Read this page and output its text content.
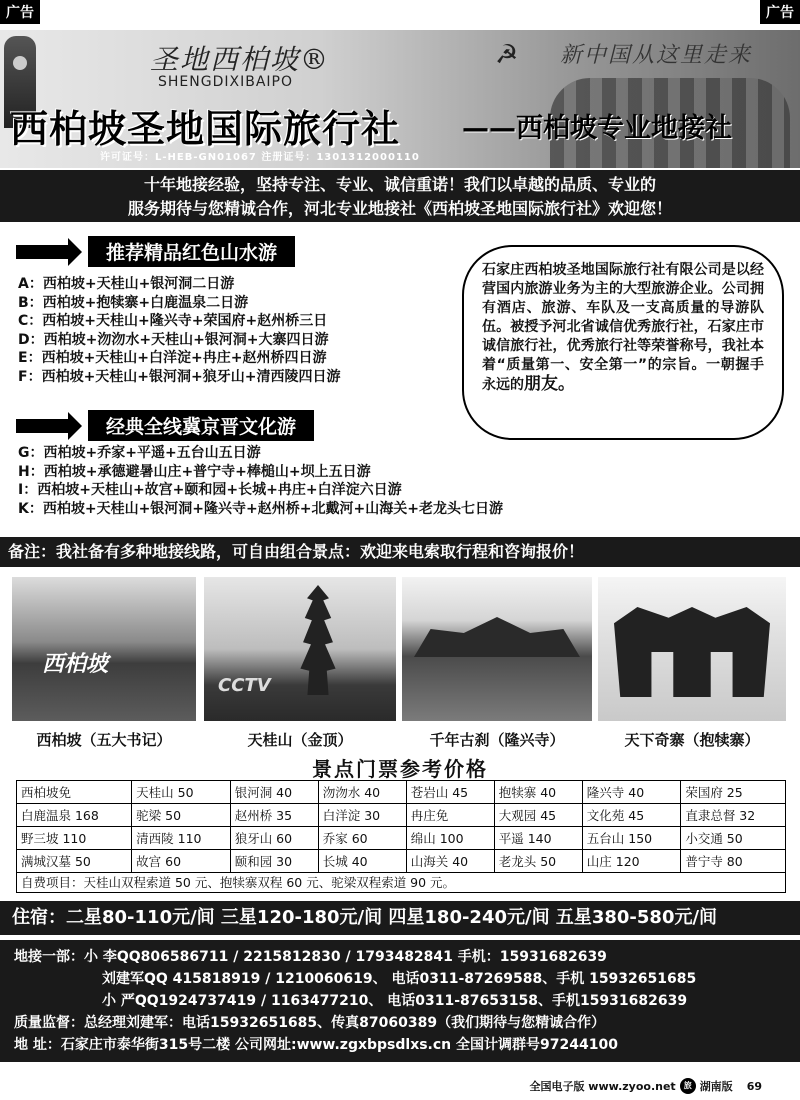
广告	广告
圣地西柏坡®
SHENGDIXIBAIPO
☭ 新中国从这里走来
西柏坡圣地国际旅行社 ——西柏坡专业地接社
许可证号：L-HEB-GN01067 注册证号：1301312000110
十年地接经验，坚持专注、专业、诚信重诺！我们以卓越的品质、专业的
服务期待与您精诚合作，河北专业地接社《西柏坡圣地国际旅行社》欢迎您！
推荐精品红色山水游
A：西柏坡+天桂山+银河洞二日游
B：西柏坡+抱犊寨+白鹿温泉二日游
C：西柏坡+天桂山+隆兴寺+荣国府+赵州桥三日
D：西柏坡+沕沕水+天桂山+银河洞+大寨四日游
E：西柏坡+天桂山+白洋淀+冉庄+赵州桥四日游
F：西柏坡+天桂山+银河洞+狼牙山+清西陵四日游
石家庄西柏坡圣地国际旅行社有限公司是以经营国内旅游业务为主的大型旅游企业。公司拥有酒店、旅游、车队及一支高质量的导游队伍。被授予河北省诚信优秀旅行社，石家庄市诚信旅行社，优秀旅行社等荣誉称号，我社本着“质量第一、安全第一”的宗旨。一朝握手永远的朋友。
经典全线冀京晋文化游
G：西柏坡+乔家+平遥+五台山五日游
H：西柏坡+承德避暑山庄+普宁寺+棒槌山+坝上五日游
I：西柏坡+天桂山+故宫+颐和园+长城+冉庄+白洋淀六日游
K：西柏坡+天桂山+银河洞+隆兴寺+赵州桥+北戴河+山海关+老龙头七日游
备注：我社备有多种地接线路，可自由组合景点：欢迎来电索取行程和咨询报价！
西柏坡
CCTV
西柏坡（五大书记）	天桂山（金顶）	千年古刹（隆兴寺）	天下奇寨（抱犊寨）
景点门票参考价格
西柏坡免	天桂山 50	银河洞 40	沕沕水 40	苍岩山 45	抱犊寨 40	隆兴寺 40	荣国府 25
白鹿温泉 168	驼梁 50	赵州桥 35	白洋淀 30	冉庄免	大观园 45	文化苑 45	直隶总督 32
野三坡 110	清西陵 110	狼牙山 60	乔家 60	绵山 100	平遥 140	五台山 150	小交通 50
满城汉墓 50	故宫 60	颐和园 30	长城 40	山海关 40	老龙头 50	山庄 120	普宁寺 80
自费项目：天桂山双程索道 50 元、抱犊寨双程 60 元、驼梁双程索道 90 元。
住宿：二星80-110元/间 三星120-180元/间 四星180-240元/间 五星380-580元/间
地接一部：小 李QQ806586711 / 2215812830 / 1793482841 手机：15931682639
刘建军QQ 415818919 / 1210060619、 电话0311-87269588、手机 15932651685
小 严QQ1924737419 / 1163477210、 电话0311-87653158、手机15931682639
质量监督：总经理刘建军：电话15932651685、传真87060389（我们期待与您精诚合作）
地 址：石家庄市泰华街315号二楼 公司网址:www.zgxbpsdlxs.cn 全国计调群号97244100
全国电子版 www.zyoo.net	旅 湖南版 69
